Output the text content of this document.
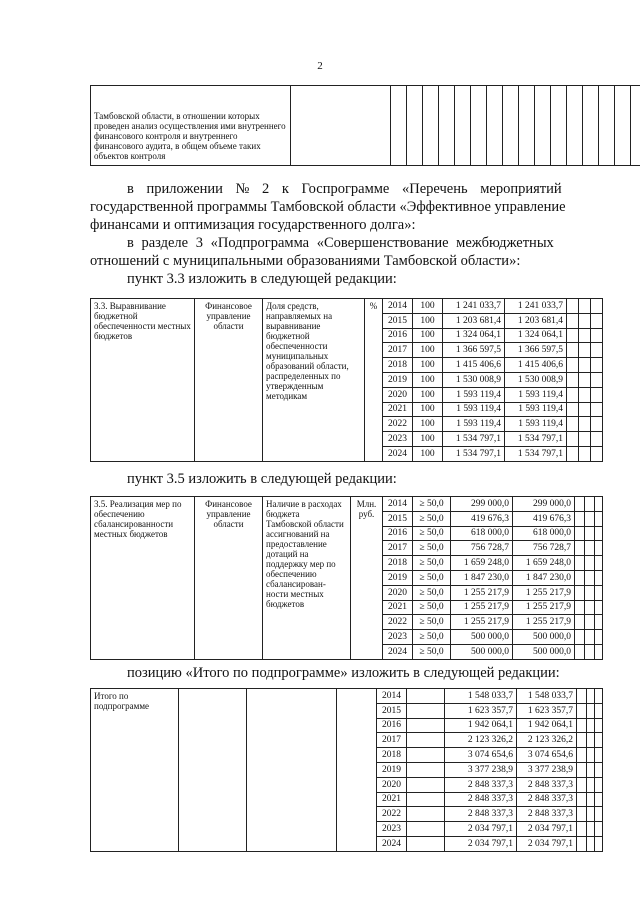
2
Тамбовской области, в отношении которых проведен анализ осуществления ими внутреннего финансового контроля и внутреннего финансового аудита, в общем объеме таких объектов контроля																				
в приложении № 2 к Госпрограмме «Перечень мероприятий
государственной программы Тамбовской области «Эффективное управление
финансами и оптимизация государственного долга»:
в разделе 3 «Подпрограмма «Совершенствование межбюджетных
отношений с муниципальными образованиями Тамбовской области»:
пункт 3.3 изложить в следующей редакции:
3.3. Выравнивание бюджетной обеспеченности местных бюджетов	Финансовое управление области	Доля средств, направляемых на выравнивание бюджетной обеспеченности муниципальных образований области, распределенных по утвержденным методикам	%	2014	100	1 241 033,7	1 241 033,7			
				2015	100	1 203 681,4	1 203 681,4			
				2016	100	1 324 064,1	1 324 064,1			
				2017	100	1 366 597,5	1 366 597,5			
				2018	100	1 415 406,6	1 415 406,6			
				2019	100	1 530 008,9	1 530 008,9			
				2020	100	1 593 119,4	1 593 119,4			
				2021	100	1 593 119,4	1 593 119,4			
				2022	100	1 593 119,4	1 593 119,4			
				2023	100	1 534 797,1	1 534 797,1			
				2024	100	1 534 797,1	1 534 797,1			
пункт 3.5 изложить в следующей редакции:
3.5. Реализация мер по обеспечению сбалансированности местных бюджетов	Финансовое управление области	Наличие в расходах бюджета Тамбовской области ассигнований на предоставление дотаций на поддержку мер по обеспечению сбалансирован-ности местных бюджетов	Млн. руб.	2014	≥ 50,0	299 000,0	299 000,0			
				2015	≥ 50,0	419 676,3	419 676,3			
				2016	≥ 50,0	618 000,0	618 000,0			
				2017	≥ 50,0	756 728,7	756 728,7			
				2018	≥ 50,0	1 659 248,0	1 659 248,0			
				2019	≥ 50,0	1 847 230,0	1 847 230,0			
				2020	≥ 50,0	1 255 217,9	1 255 217,9			
				2021	≥ 50,0	1 255 217,9	1 255 217,9			
				2022	≥ 50,0	1 255 217,9	1 255 217,9			
				2023	≥ 50,0	500 000,0	500 000,0			
				2024	≥ 50,0	500 000,0	500 000,0			
позицию «Итого по подпрограмме» изложить в следующей редакции:
Итого по подпрограмме				2014		1 548 033,7	1 548 033,7			
				2015		1 623 357,7	1 623 357,7			
				2016		1 942 064,1	1 942 064,1			
				2017		2 123 326,2	2 123 326,2			
				2018		3 074 654,6	3 074 654,6			
				2019		3 377 238,9	3 377 238,9			
				2020		2 848 337,3	2 848 337,3			
				2021		2 848 337,3	2 848 337,3			
				2022		2 848 337,3	2 848 337,3			
				2023		2 034 797,1	2 034 797,1			
				2024		2 034 797,1	2 034 797,1			
